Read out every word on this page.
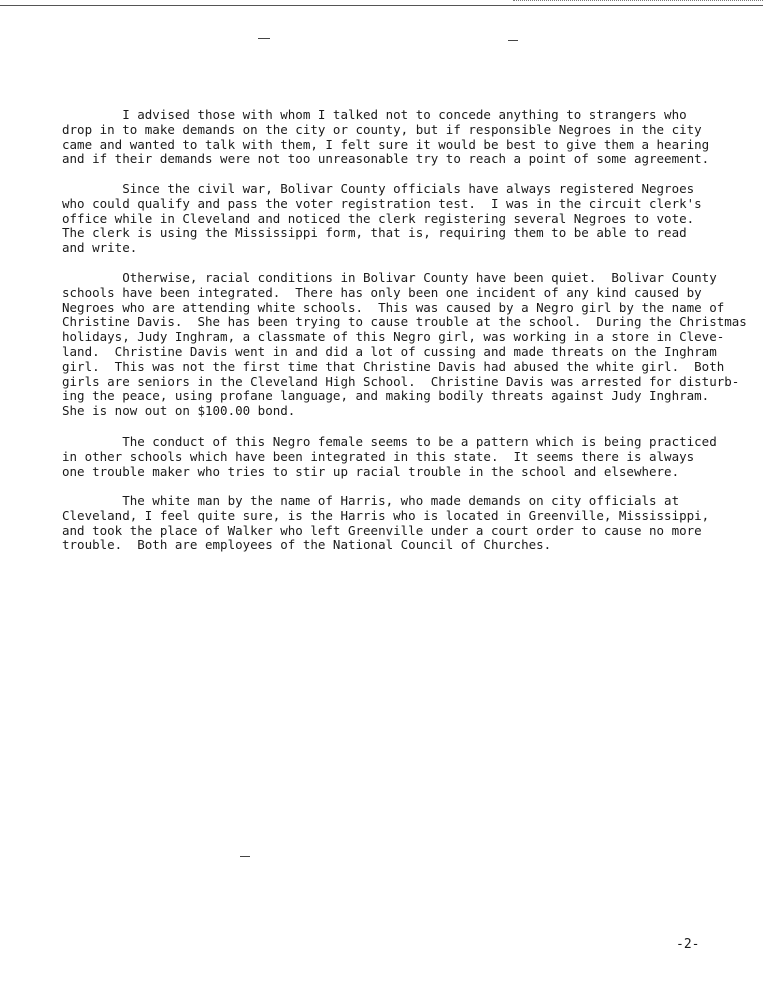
I advised those with whom I talked not to concede anything to strangers who
drop in to make demands on the city or county, but if responsible Negroes in the city
came and wanted to talk with them, I felt sure it would be best to give them a hearing
and if their demands were not too unreasonable try to reach a point of some agreement.

Since the civil war, Bolivar County officials have always registered Negroes
who could qualify and pass the voter registration test.  I was in the circuit clerk's
office while in Cleveland and noticed the clerk registering several Negroes to vote.
The clerk is using the Mississippi form, that is, requiring them to be able to read
and write.

Otherwise, racial conditions in Bolivar County have been quiet.  Bolivar County
schools have been integrated.  There has only been one incident of any kind caused by
Negroes who are attending white schools.  This was caused by a Negro girl by the name of
Christine Davis.  She has been trying to cause trouble at the school.  During the Christmas
holidays, Judy Inghram, a classmate of this Negro girl, was working in a store in Cleve-
land.  Christine Davis went in and did a lot of cussing and made threats on the Inghram
girl.  This was not the first time that Christine Davis had abused the white girl.  Both
girls are seniors in the Cleveland High School.  Christine Davis was arrested for disturb-
ing the peace, using profane language, and making bodily threats against Judy Inghram.
She is now out on $100.00 bond.

The conduct of this Negro female seems to be a pattern which is being practiced
in other schools which have been integrated in this state.  It seems there is always
one trouble maker who tries to stir up racial trouble in the school and elsewhere.

The white man by the name of Harris, who made demands on city officials at
Cleveland, I feel quite sure, is the Harris who is located in Greenville, Mississippi,
and took the place of Walker who left Greenville under a court order to cause no more
trouble.  Both are employees of the National Council of Churches.

-2-
